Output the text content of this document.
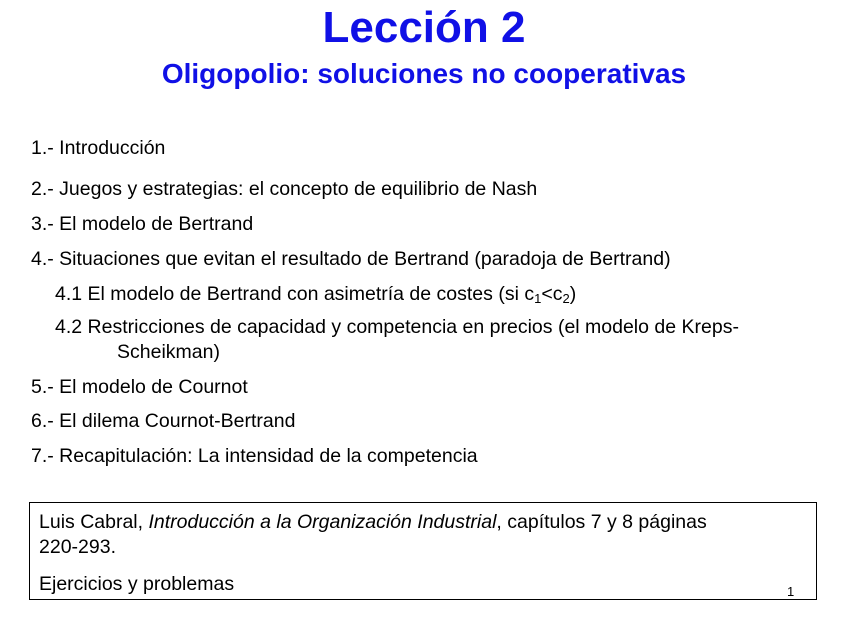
Lección 2
Oligopolio: soluciones no cooperativas
1.- Introducción
2.- Juegos y estrategias: el concepto de equilibrio de Nash
3.- El modelo de Bertrand
4.- Situaciones que evitan el resultado de Bertrand (paradoja de Bertrand)
4.1 El modelo de Bertrand con asimetría de costes (si $c_1<c_2$)
4.2 Restricciones de capacidad y competencia en precios (el modelo de Kreps-
Scheikman)
5.- El modelo de Cournot
6.- El dilema Cournot-Bertrand
7.- Recapitulación: La intensidad de la competencia
Luis Cabral, Introducción a la Organización Industrial, capítulos 7 y 8 páginas
220-293.
Ejercicios y problemas	1
